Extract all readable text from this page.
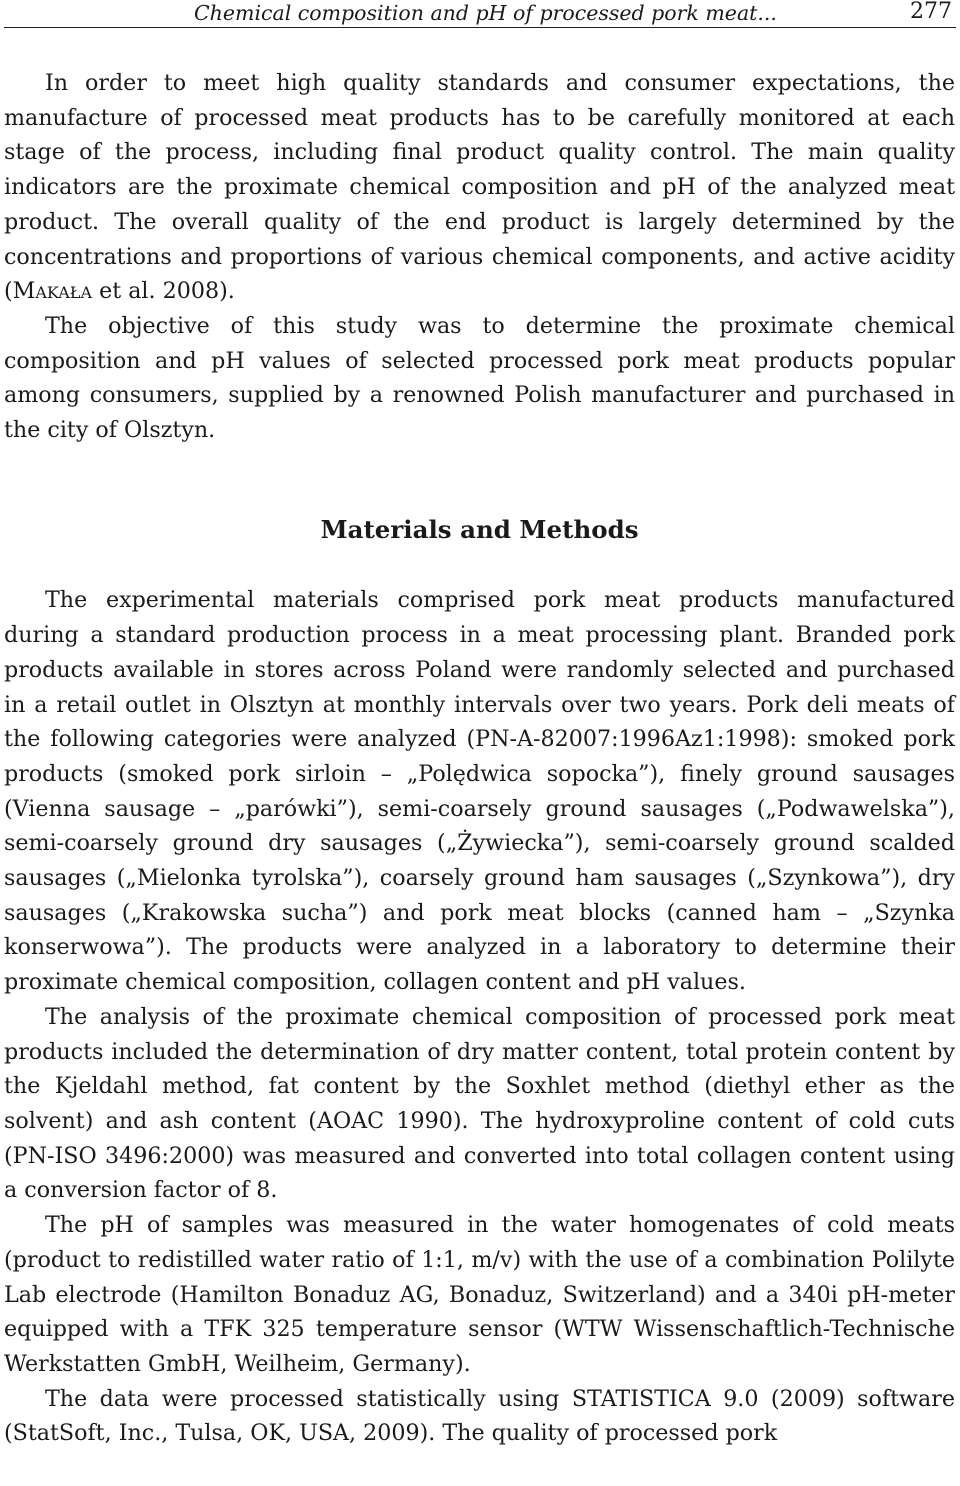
Chemical composition and pH of processed pork meat...	277

In order to meet high quality standards and consumer expectations, the manufacture of processed meat products has to be carefully monitored at each stage of the process, including final product quality control. The main quality indicators are the proximate chemical composition and pH of the analyzed meat product. The overall quality of the end product is largely determined by the concentrations and proportions of various chemical components, and active acidity (Makała et al. 2008).

The objective of this study was to determine the proximate chemical composition and pH values of selected processed pork meat products popular among consumers, supplied by a renowned Polish manufacturer and purchased in the city of Olsztyn.

Materials and Methods

The experimental materials comprised pork meat products manufactured during a standard production process in a meat processing plant. Branded pork products available in stores across Poland were randomly selected and purchased in a retail outlet in Olsztyn at monthly intervals over two years. Pork deli meats of the following categories were analyzed (PN-A-82007:1996Az1:1998): smoked pork products (smoked pork sirloin – „Polędwica sopocka”), finely ground sausages (Vienna sausage – „parówki”), semi-coarsely ground sausages („Podwawelska”), semi-coarsely ground dry sausages („Żywiecka”), semi-coarsely ground scalded sausages („Mielonka tyrolska”), coarsely ground ham sausages („Szynkowa”), dry sausages („Krakowska sucha”) and pork meat blocks (canned ham – „Szynka konserwowa”). The products were analyzed in a laboratory to determine their proximate chemical composition, collagen content and pH values.

The analysis of the proximate chemical composition of processed pork meat products included the determination of dry matter content, total protein content by the Kjeldahl method, fat content by the Soxhlet method (diethyl ether as the solvent) and ash content (AOAC 1990). The hydroxyproline content of cold cuts (PN-ISO 3496:2000) was measured and converted into total collagen content using a conversion factor of 8.

The pH of samples was measured in the water homogenates of cold meats (product to redistilled water ratio of 1:1, m/v) with the use of a combination Polilyte Lab electrode (Hamilton Bonaduz AG, Bonaduz, Switzerland) and a 340i pH-meter equipped with a TFK 325 temperature sensor (WTW Wissenschaftlich-Technische Werkstatten GmbH, Weilheim, Germany).

The data were processed statistically using STATISTICA 9.0 (2009) software (StatSoft, Inc., Tulsa, OK, USA, 2009). The quality of processed pork
